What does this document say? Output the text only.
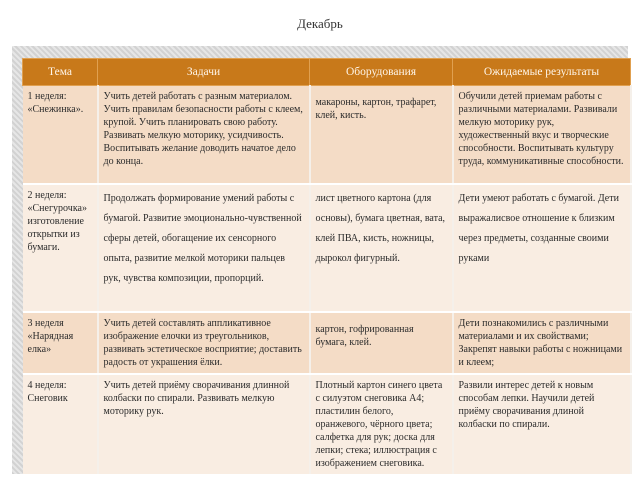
Декабрь
Тема	Задачи	Оборудования	Ожидаемые результаты
1 неделя: «Снежинка».	Учить детей работать с разным материалом. Учить правилам безопасности работы с клеем, крупой. Учить планировать свою работу. Развивать мелкую моторику, усидчивость. Воспитывать желание доводить начатое дело до конца.	макароны, картон, трафарет, клей, кисть.	Обучили детей приемам работы с различными материалами. Развивали мелкую моторику рук, художественный вкус и творческие способности. Воспитывать культуру труда, коммуникативные способности.
2 неделя: «Снегурочка» изготовление открытки из бумаги.	Продолжать формирование умений работы с бумагой. Развитие эмоционально-чувственной сферы детей, обогащение их сенсорного опыта, развитие мелкой моторики пальцев рук, чувства композиции, пропорций.	лист цветного картона (для основы), бумага цветная, вата, клей ПВА, кисть, ножницы, дырокол фигурный.	Дети умеют работать с бумагой. Дети выражалисвое отношение к близким через предметы, созданные своими руками
3 неделя «Нарядная елка»	Учить детей составлять аппликативное изображение елочки из треугольников, развивать эстетическое восприятие; доставить радость от украшения ёлки.	картон, гофрированная бумага, клей.	Дети познакомились с различными материалами и их свойствами; Закрепят навыки работы с ножницами и клеем;
4 неделя: Снеговик	Учить детей приёму сворачивания длинной колбаски по спирали. Развивать мелкую моторику рук.	Плотный картон синего цвета с силуэтом снеговика А4; пластилин белого, оранжевого, чёрного цвета; салфетка для рук; доска для лепки; стека; иллюстрация с изображением снеговика.	Развили интерес детей к новым способам лепки. Научили детей приёму сворачивания длиной колбаски по спирали.
